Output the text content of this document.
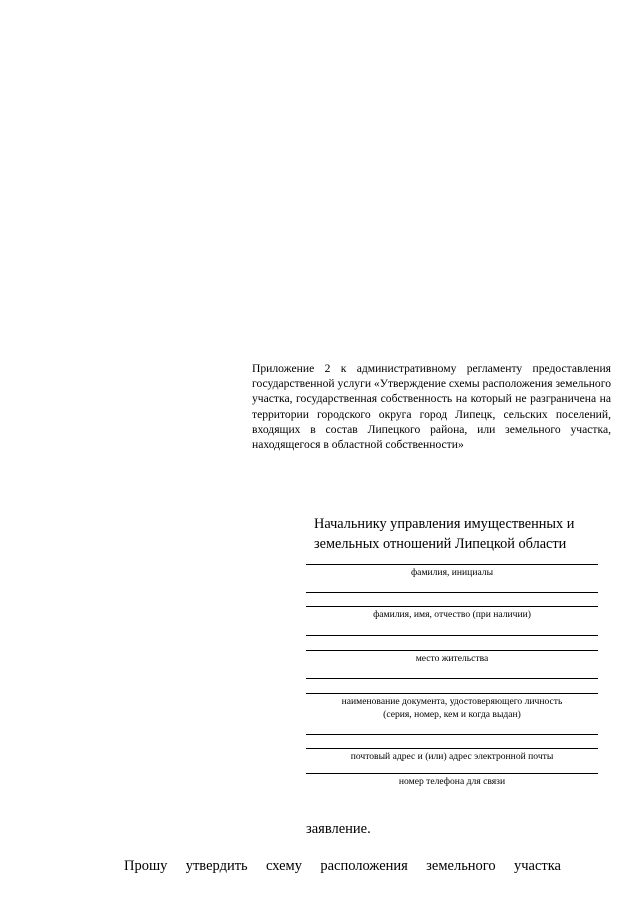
Приложение 2 к административному регламенту предоставления государственной услуги «Утверждение схемы расположения земельного участка, государственная собственность на который не разграничена на территории городского округа город Липецк, сельских поселений, входящих в состав Липецкого района, или земельного участка, находящегося в областной собственности»

Начальнику управления имущественных и земельных отношений Липецкой области

фамилия, инициалы
фамилия, имя, отчество (при наличии)
место жительства
наименование документа, удостоверяющего личность
(серия, номер, кем и когда выдан)
почтовый адрес и (или) адрес электронной почты
номер телефона для связи

заявление.

Прошу утвердить схему расположения земельного участка
